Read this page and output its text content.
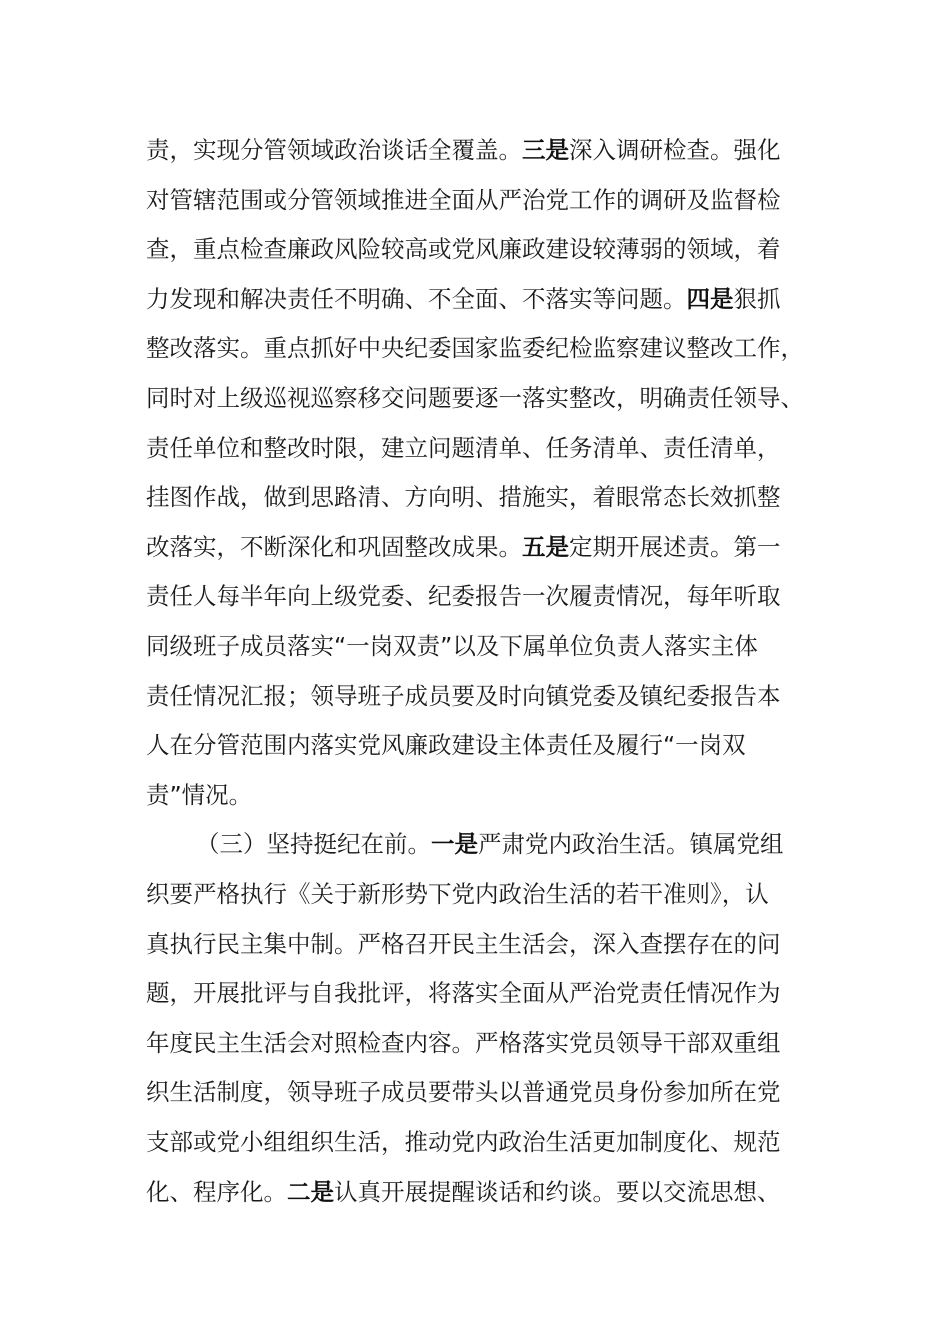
责，实现分管领域政治谈话全覆盖。三是深入调研检查。强化
对管辖范围或分管领域推进全面从严治党工作的调研及监督检
查，重点检查廉政风险较高或党风廉政建设较薄弱的领域，着
力发现和解决责任不明确、不全面、不落实等问题。四是狠抓
整改落实。重点抓好中央纪委国家监委纪检监察建议整改工作，
同时对上级巡视巡察移交问题要逐一落实整改，明确责任领导、
责任单位和整改时限，建立问题清单、任务清单、责任清单，
挂图作战，做到思路清、方向明、措施实，着眼常态长效抓整
改落实，不断深化和巩固整改成果。五是定期开展述责。第一
责任人每半年向上级党委、纪委报告一次履责情况，每年听取
同级班子成员落实“一岗双责”以及下属单位负责人落实主体
责任情况汇报；领导班子成员要及时向镇党委及镇纪委报告本
人在分管范围内落实党风廉政建设主体责任及履行“一岗双
责”情况。
（三）坚持挺纪在前。一是严肃党内政治生活。镇属党组
织要严格执行《关于新形势下党内政治生活的若干准则》，认
真执行民主集中制。严格召开民主生活会，深入查摆存在的问
题，开展批评与自我批评，将落实全面从严治党责任情况作为
年度民主生活会对照检查内容。严格落实党员领导干部双重组
织生活制度，领导班子成员要带头以普通党员身份参加所在党
支部或党小组组织生活，推动党内政治生活更加制度化、规范
化、程序化。二是认真开展提醒谈话和约谈。要以交流思想、
